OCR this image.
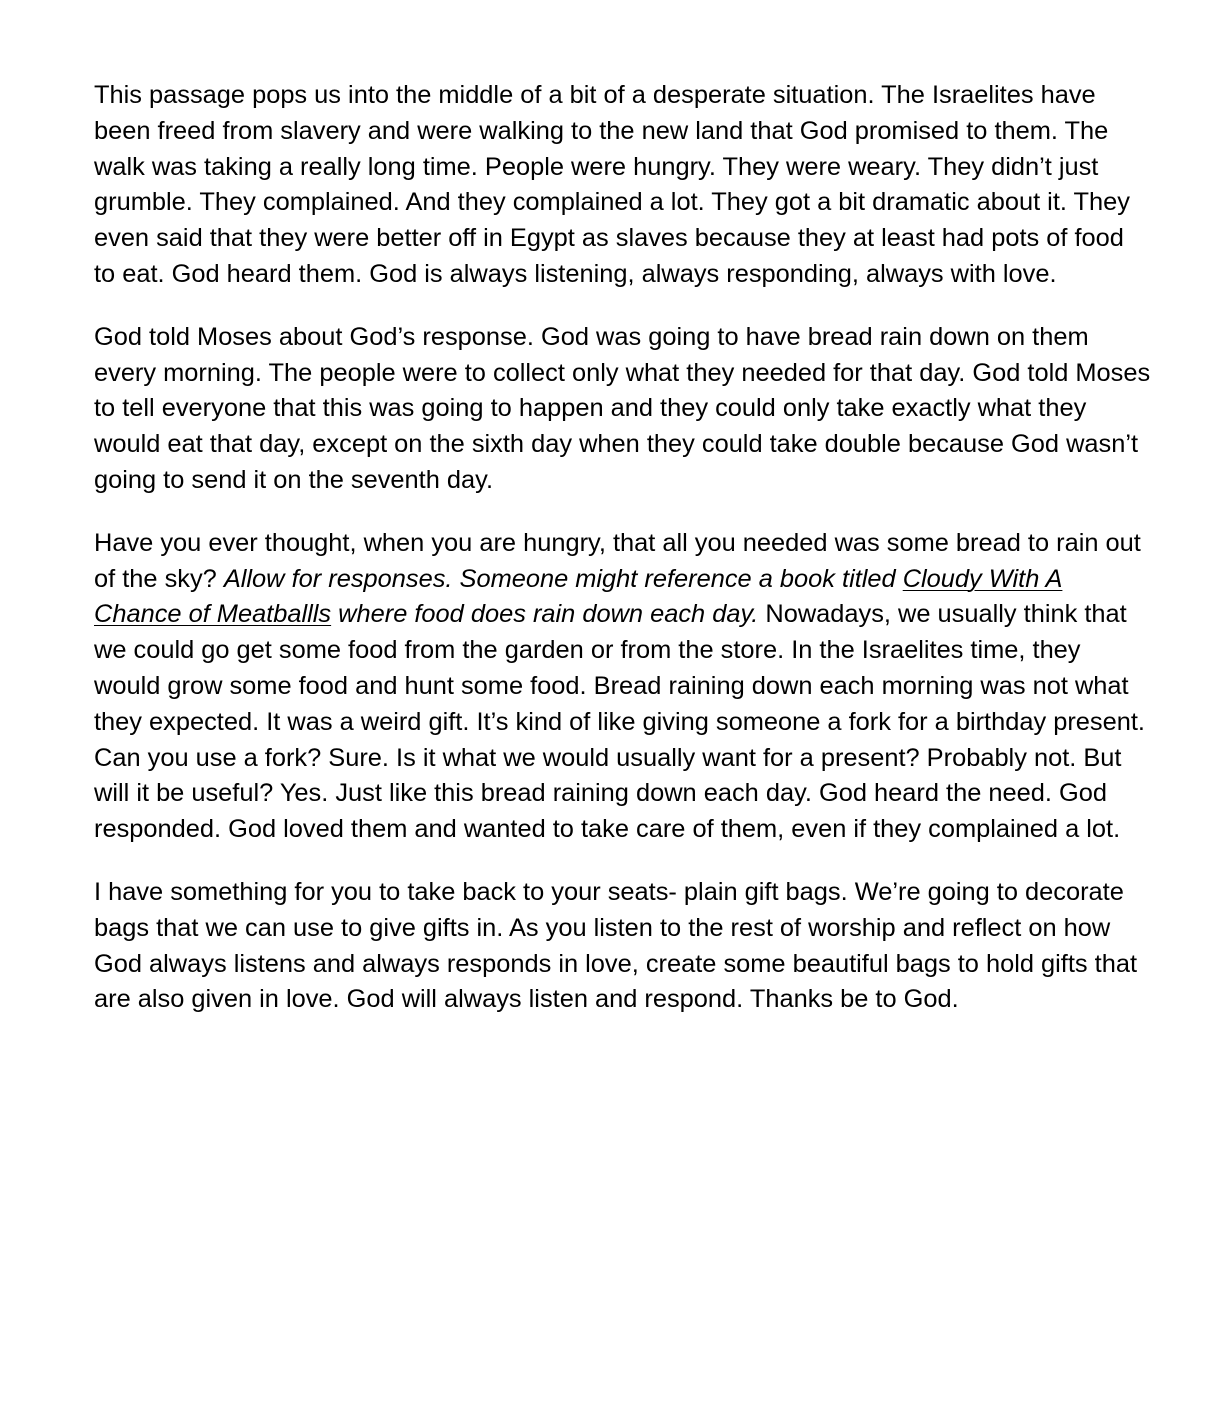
This passage pops us into the middle of a bit of a desperate situation. The Israelites have been freed from slavery and were walking to the new land that God promised to them. The walk was taking a really long time. People were hungry. They were weary. They didn’t just grumble. They complained. And they complained a lot. They got a bit dramatic about it. They even said that they were better off in Egypt as slaves because they at least had pots of food to eat. God heard them. God is always listening, always responding, always with love.

God told Moses about God’s response. God was going to have bread rain down on them every morning. The people were to collect only what they needed for that day. God told Moses to tell everyone that this was going to happen and they could only take exactly what they would eat that day, except on the sixth day when they could take double because God wasn’t going to send it on the seventh day.

Have you ever thought, when you are hungry, that all you needed was some bread to rain out of the sky? Allow for responses. Someone might reference a book titled Cloudy With A Chance of Meatballls where food does rain down each day. Nowadays, we usually think that we could go get some food from the garden or from the store. In the Israelites time, they would grow some food and hunt some food. Bread raining down each morning was not what they expected. It was a weird gift. It’s kind of like giving someone a fork for a birthday present. Can you use a fork? Sure. Is it what we would usually want for a present? Probably not. But will it be useful? Yes. Just like this bread raining down each day. God heard the need. God responded. God loved them and wanted to take care of them, even if they complained a lot.

I have something for you to take back to your seats- plain gift bags. We’re going to decorate bags that we can use to give gifts in. As you listen to the rest of worship and reflect on how God always listens and always responds in love, create some beautiful bags to hold gifts that are also given in love. God will always listen and respond. Thanks be to God.
